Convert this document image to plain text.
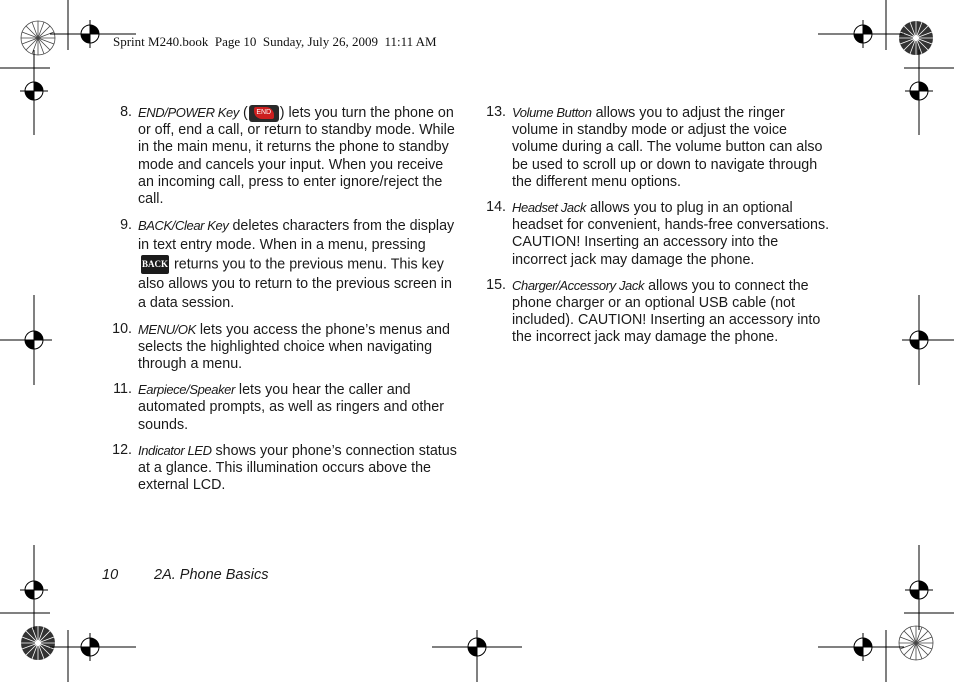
Sprint M240.book  Page 10  Sunday, July 26, 2009  11:11 AM
8. END/POWER Key (	END ) lets you turn the phone on or off, end a call, or return to standby mode. While in the main menu, it returns the phone to standby mode and cancels your input. When you receive an incoming call, press to enter ignore/reject the call.
9. BACK/Clear Key deletes characters from the display in text entry mode. When in a menu, pressing
BACK returns you to the previous menu. This key also allows you to return to the previous screen in a data session.
10. MENU/OK lets you access the phone’s menus and selects the highlighted choice when navigating through a menu.
11. Earpiece/Speaker lets you hear the caller and automated prompts, as well as ringers and other sounds.
12. Indicator LED shows your phone’s connection status at a glance. This illumination occurs above the external LCD.
13. Volume Button allows you to adjust the ringer volume in standby mode or adjust the voice volume during a call. The volume button can also be used to scroll up or down to navigate through the different menu options.
14. Headset Jack allows you to plug in an optional headset for convenient, hands-free conversations. CAUTION! Inserting an accessory into the incorrect jack may damage the phone.
15. Charger/Accessory Jack allows you to connect the phone charger or an optional USB cable (not included). CAUTION! Inserting an accessory into the incorrect jack may damage the phone.
10 2A. Phone Basics
